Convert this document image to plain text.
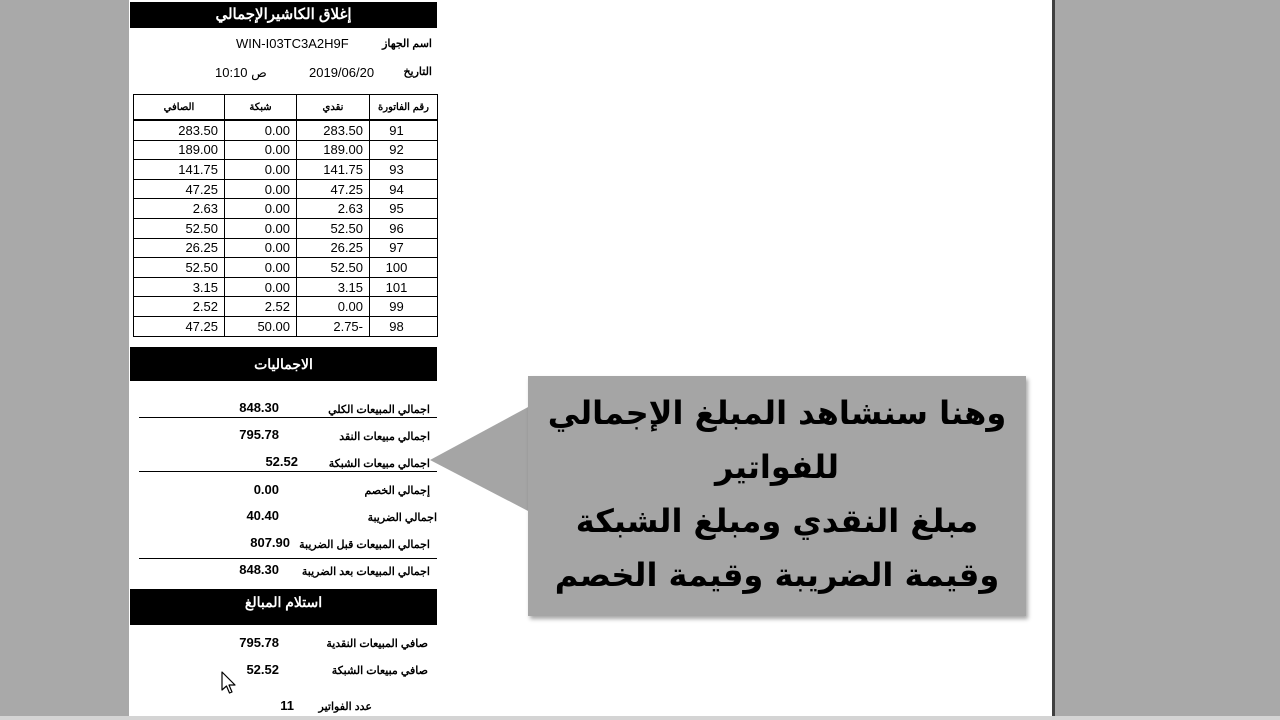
إغلاق الكاشيرالإجمالي
اسم الجهاز
WIN-I03TC3A2H9F
التاريخ
2019/06/20
ص 10:10
رقم الفاتورة	نقدي	شبكة	الصافي
91	283.50	0.00	283.50
92	189.00	0.00	189.00
93	141.75	0.00	141.75
94	47.25	0.00	47.25
95	2.63	0.00	2.63
96	52.50	0.00	52.50
97	26.25	0.00	26.25
100	52.50	0.00	52.50
101	3.15	0.00	3.15
99	0.00	2.52	2.52
98	2.75-	50.00	47.25
الاجماليات
اجمالي المبيعات الكلي
848.30
اجمالي مبيعات النقد
795.78
اجمالي مبيعات الشبكة
52.52
إجمالي الخصم
0.00
اجمالي الضريبة
40.40
اجمالي المبيعات قبل الضريبة
807.90
اجمالي المبيعات بعد الضريبة
848.30
استلام المبالغ
صافي المبيعات النقدية
795.78
صافي مبيعات الشبكة
52.52
عدد الفواتير
11
وهنا سنشاهد المبلغ الإجمالي
للفواتير
مبلغ النقدي ومبلغ الشبكة
وقيمة الضريبة وقيمة الخصم
